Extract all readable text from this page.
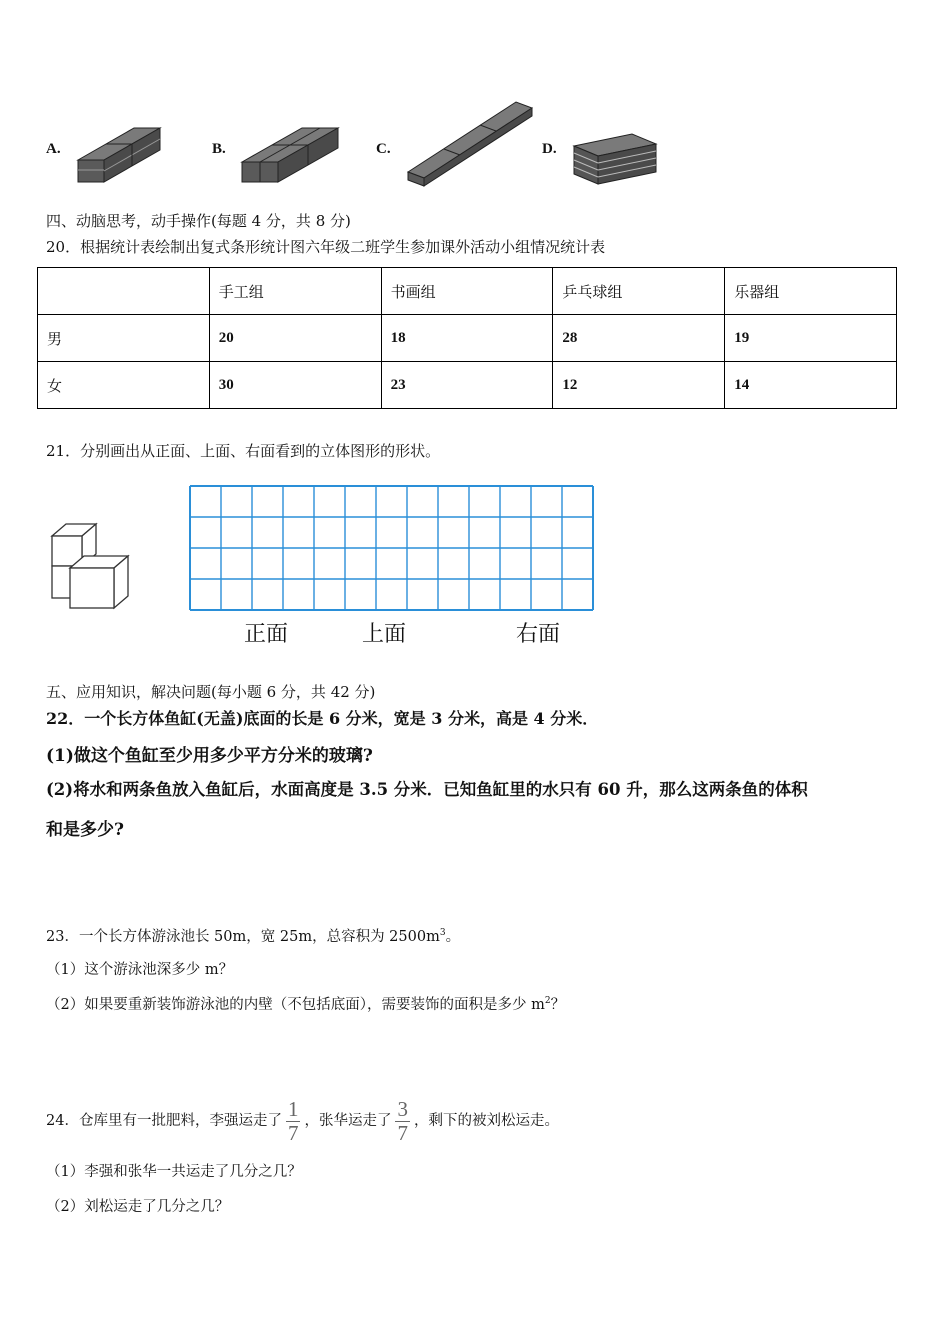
A.	B.	C.	D.
四、动脑思考，动手操作(每题 4 分，共 8 分)
20．根据统计表绘制出复式条形统计图六年级二班学生参加课外活动小组情况统计表
	手工组	书画组	乒乓球组	乐器组
男	20	18	28	19
女	30	23	12	14
21．分别画出从正面、上面、右面看到的立体图形的形状。
正面	上面	右面
五、应用知识，解决问题(每小题 6 分，共 42 分)
22．一个长方体鱼缸(无盖)底面的长是 6 分米，宽是 3 分米，高是 4 分米．
(1)做这个鱼缸至少用多少平方分米的玻璃?
(2)将水和两条鱼放入鱼缸后，水面高度是 3.5 分米．已知鱼缸里的水只有 60 升，那么这两条鱼的体积
和是多少?
23．一个长方体游泳池长 50m，宽 25m，总容积为 $2500m^3$。
（1）这个游泳池深多少 m？
（2）如果要重新装饰游泳池的内壁（不包括底面），需要装饰的面积是多少 $m^2$？
24．仓库里有一批肥料，李强运走了 $\frac{1}{7}$ ，张华运走了 $\frac{3}{7}$ ，剩下的被刘松运走。
（1）李强和张华一共运走了几分之几？
（2）刘松运走了几分之几？
